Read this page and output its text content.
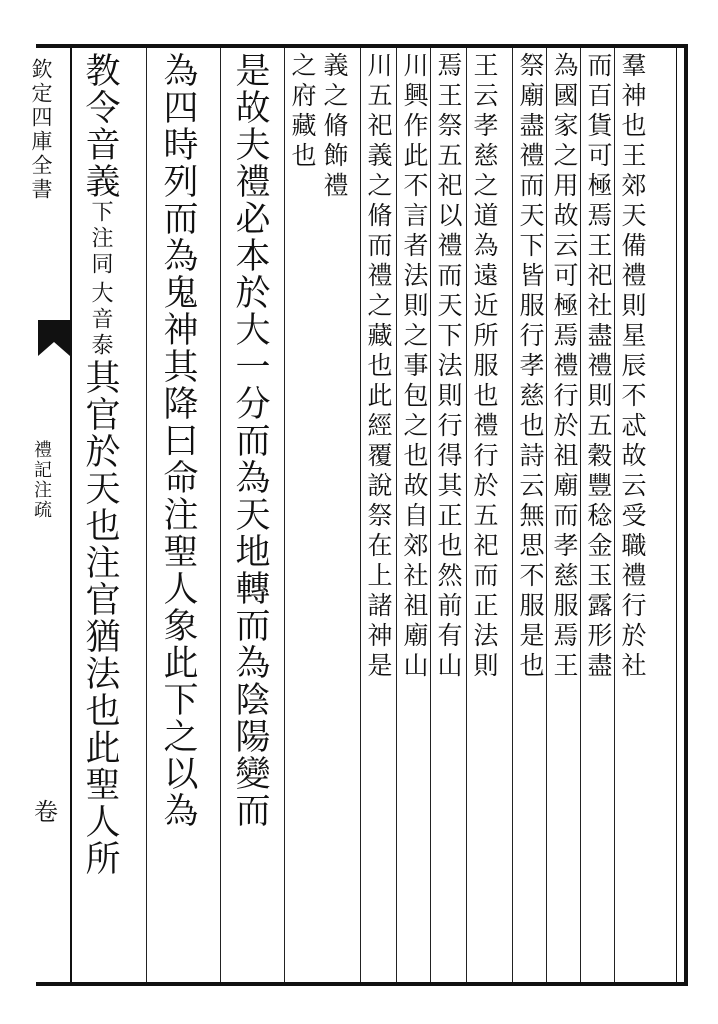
欽定四庫全書
禮記注疏
卷
羣神也王郊天備禮則星辰不忒故云受職禮行於社
而百貨可極焉王祀社盡禮則五穀豐稔金玉露形盡
為國家之用故云可極焉禮行於祖廟而孝慈服焉王
祭廟盡禮而天下皆服行孝慈也詩云無思不服是也
王云孝慈之道為遠近所服也禮行於五祀而正法則
焉王祭五祀以禮而天下法則行得其正也然前有山
川興作此不言者法則之事包之也故自郊社祖廟山
川五祀義之脩而禮之藏也此經覆說祭在上諸神是
義之脩飾禮
之府藏也
是故夫禮必本於大一分而為天地轉而為陰陽變而
為四時列而為鬼神其降曰命注聖人象此下之以為
教令音義
大音泰
下注同
其官於天也注官猶法也此聖人所
